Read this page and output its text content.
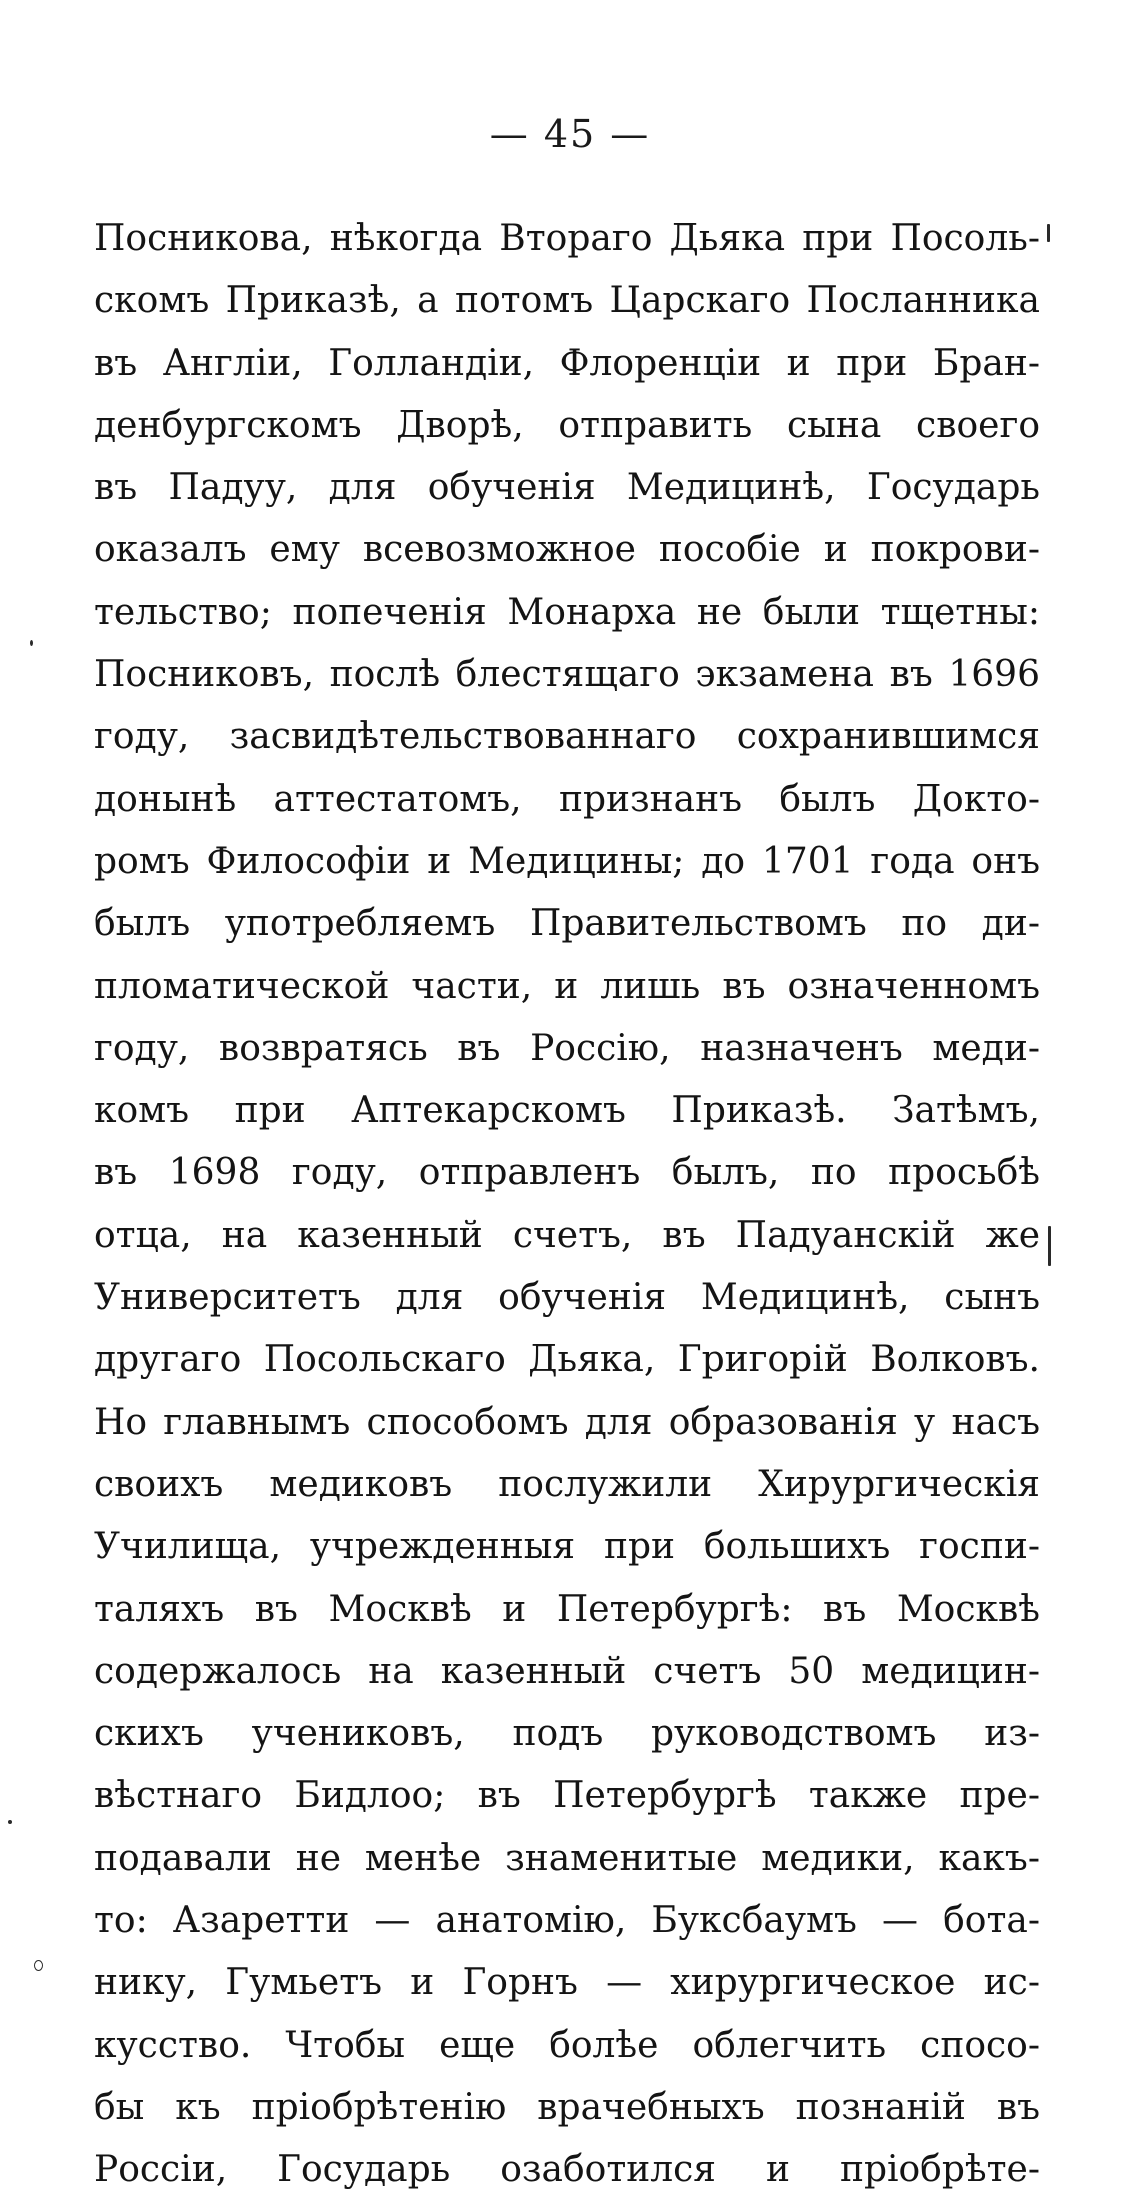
— 45 —
Посникова, нѣкогда Втораго Дьяка при Посоль-
скомъ Приказѣ, а потомъ Царскаго Посланника
въ Англіи, Голландіи, Флоренціи и при Бран-
денбургскомъ Дворѣ, отправить сына своего
въ Падуу, для обученія Медицинѣ, Государь
оказалъ ему всевозможное пособіе и покрови-
тельство; попеченія Монарха не были тщетны:
Посниковъ, послѣ блестящаго экзамена въ 1696
году, засвидѣтельствованнаго сохранившимся
донынѣ аттестатомъ, признанъ былъ Докто-
ромъ Философіи и Медицины; до 1701 года онъ
былъ употребляемъ Правительствомъ по ди-
пломатической части, и лишь въ означенномъ
году, возвратясь въ Россію, назначенъ меди-
комъ при Аптекарскомъ Приказѣ. Затѣмъ,
въ 1698 году, отправленъ былъ, по просьбѣ
отца, на казенный счетъ, въ Падуанскій же
Университетъ для обученія Медицинѣ, сынъ
другаго Посольскаго Дьяка, Григорій Волковъ.
Но главнымъ способомъ для образованія у насъ
своихъ медиковъ послужили Хирургическія
Училища, учрежденныя при большихъ госпи-
таляхъ въ Москвѣ и Петербургѣ: въ Москвѣ
содержалось на казенный счетъ 50 медицин-
скихъ учениковъ, подъ руководствомъ из-
вѣстнаго Бидлоо; въ Петербургѣ также пре-
подавали не менѣе знаменитые медики, какъ-
то: Азаретти — анатомію, Буксбаумъ — бота-
нику, Гумьетъ и Горнъ — хирургическое ис-
кусство. Чтобы еще болѣе облегчить спосо-
бы къ пріобрѣтенію врачебныхъ познаній въ
Россіи, Государь озаботился и пріобрѣте-
